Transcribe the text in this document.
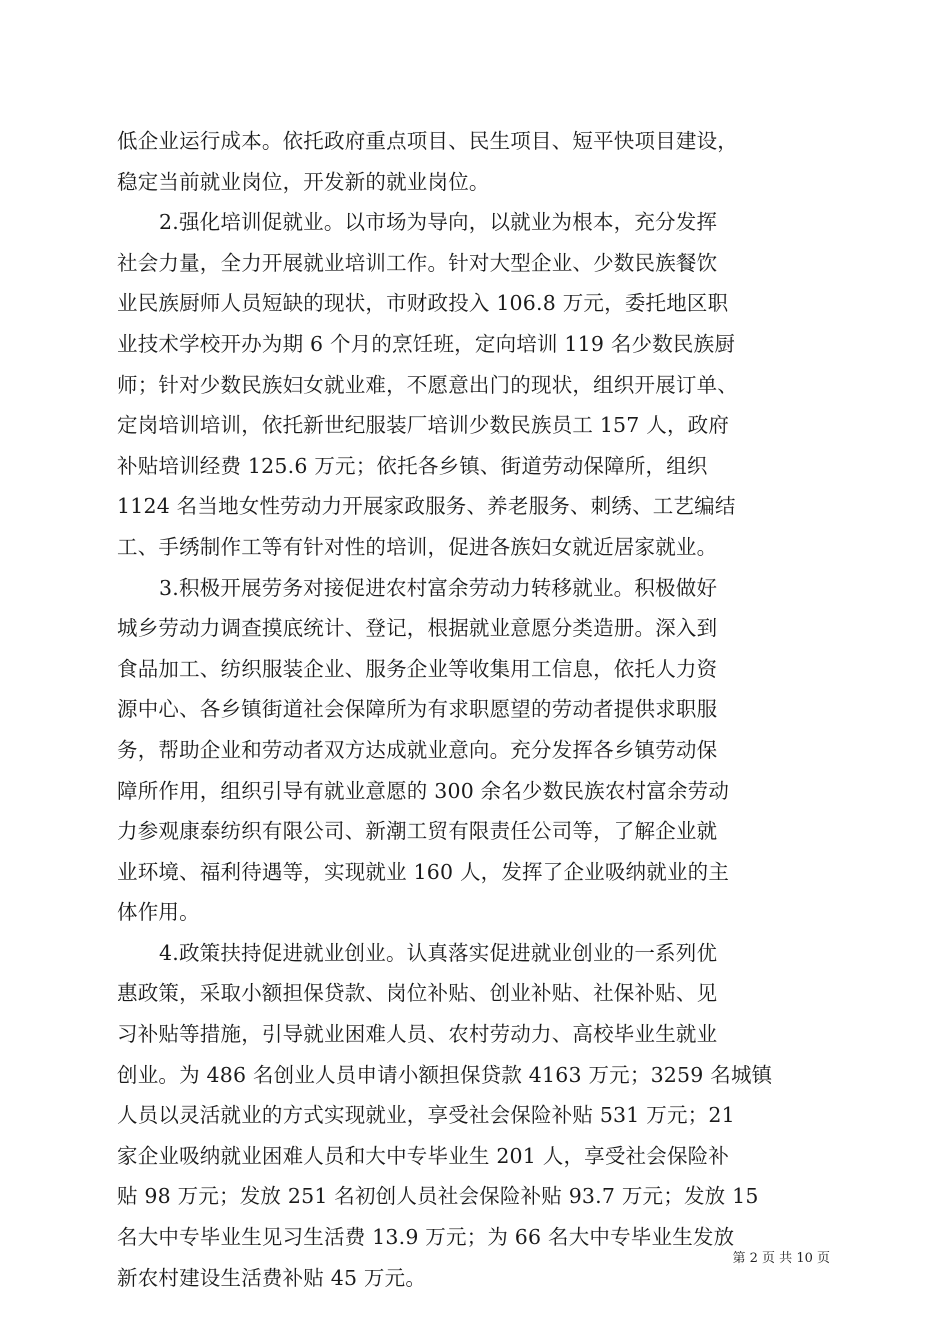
低企业运行成本。依托政府重点项目、民生项目、短平快项目建设，
稳定当前就业岗位，开发新的就业岗位。
2.强化培训促就业。以市场为导向，以就业为根本，充分发挥
社会力量，全力开展就业培训工作。针对大型企业、少数民族餐饮
业民族厨师人员短缺的现状，市财政投入 106.8 万元，委托地区职
业技术学校开办为期 6 个月的烹饪班，定向培训 119 名少数民族厨
师；针对少数民族妇女就业难，不愿意出门的现状，组织开展订单、
定岗培训培训，依托新世纪服装厂培训少数民族员工 157 人，政府
补贴培训经费 125.6 万元；依托各乡镇、街道劳动保障所，组织
1124 名当地女性劳动力开展家政服务、养老服务、刺绣、工艺编结
工、手绣制作工等有针对性的培训，促进各族妇女就近居家就业。
3.积极开展劳务对接促进农村富余劳动力转移就业。积极做好
城乡劳动力调查摸底统计、登记，根据就业意愿分类造册。深入到
食品加工、纺织服装企业、服务企业等收集用工信息，依托人力资
源中心、各乡镇街道社会保障所为有求职愿望的劳动者提供求职服
务，帮助企业和劳动者双方达成就业意向。充分发挥各乡镇劳动保
障所作用，组织引导有就业意愿的 300 余名少数民族农村富余劳动
力参观康泰纺织有限公司、新潮工贸有限责任公司等，了解企业就
业环境、福利待遇等，实现就业 160 人，发挥了企业吸纳就业的主
体作用。
4.政策扶持促进就业创业。认真落实促进就业创业的一系列优
惠政策，采取小额担保贷款、岗位补贴、创业补贴、社保补贴、见
习补贴等措施，引导就业困难人员、农村劳动力、高校毕业生就业
创业。为 486 名创业人员申请小额担保贷款 4163 万元；3259 名城镇
人员以灵活就业的方式实现就业，享受社会保险补贴 531 万元；21
家企业吸纳就业困难人员和大中专毕业生 201 人，享受社会保险补
贴 98 万元；发放 251 名初创人员社会保险补贴 93.7 万元；发放 15
名大中专毕业生见习生活费 13.9 万元；为 66 名大中专毕业生发放
新农村建设生活费补贴 45 万元。
第 2 页 共 10 页
